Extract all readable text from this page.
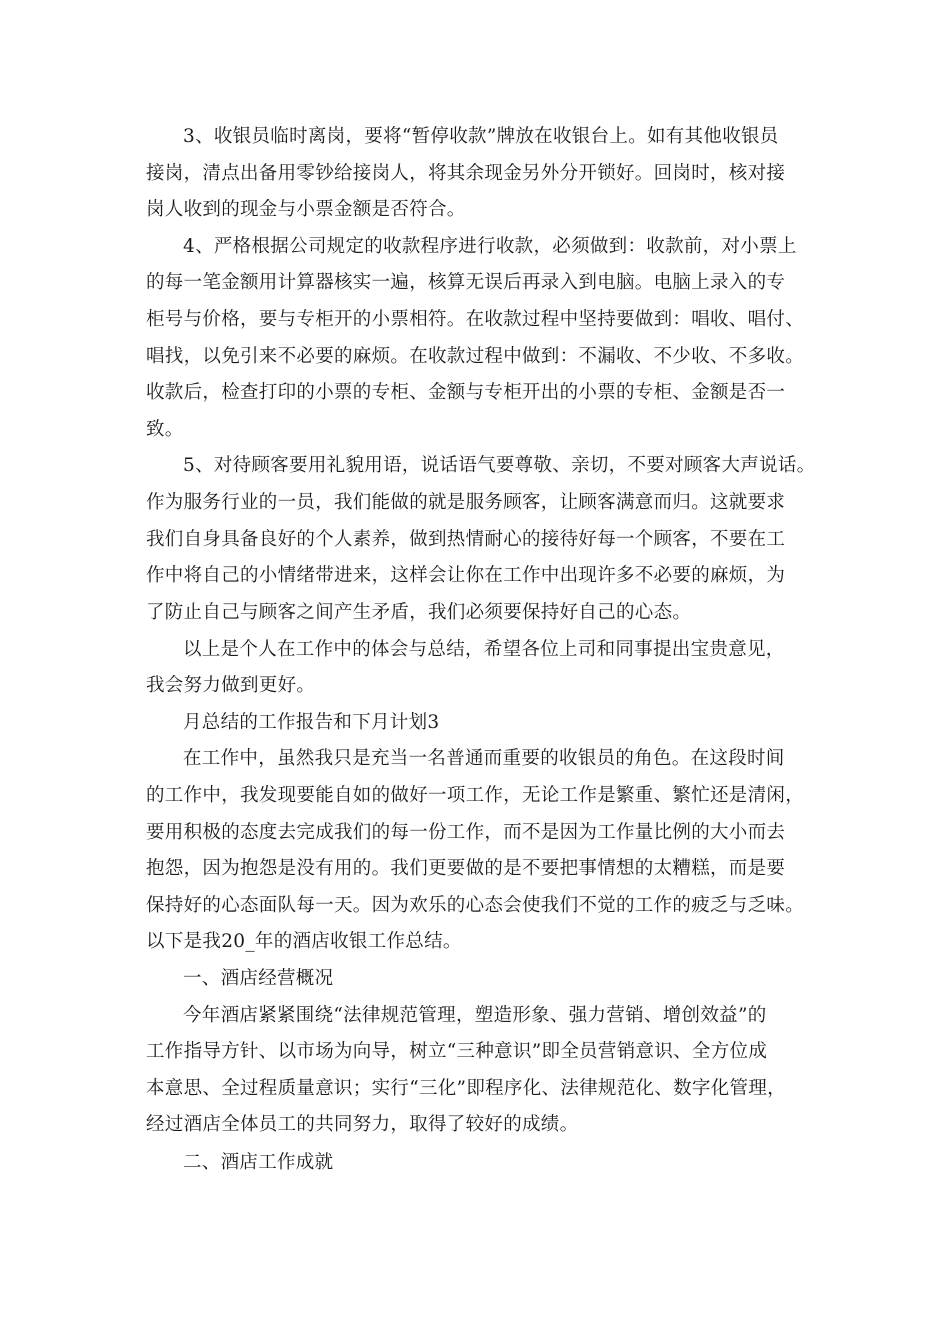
3、收银员临时离岗，要将“暂停收款”牌放在收银台上。如有其他收银员
接岗，清点出备用零钞给接岗人，将其余现金另外分开锁好。回岗时，核对接
岗人收到的现金与小票金额是否符合。
4、严格根据公司规定的收款程序进行收款，必须做到：收款前，对小票上
的每一笔金额用计算器核实一遍，核算无误后再录入到电脑。电脑上录入的专
柜号与价格，要与专柜开的小票相符。在收款过程中坚持要做到：唱收、唱付、
唱找，以免引来不必要的麻烦。在收款过程中做到：不漏收、不少收、不多收。
收款后，检查打印的小票的专柜、金额与专柜开出的小票的专柜、金额是否一
致。
5、对待顾客要用礼貌用语，说话语气要尊敬、亲切，不要对顾客大声说话。
作为服务行业的一员，我们能做的就是服务顾客，让顾客满意而归。这就要求
我们自身具备良好的个人素养，做到热情耐心的接待好每一个顾客，不要在工
作中将自己的小情绪带进来，这样会让你在工作中出现许多不必要的麻烦，为
了防止自己与顾客之间产生矛盾，我们必须要保持好自己的心态。
以上是个人在工作中的体会与总结，希望各位上司和同事提出宝贵意见，
我会努力做到更好。
月总结的工作报告和下月计划3
在工作中，虽然我只是充当一名普通而重要的收银员的角色。在这段时间
的工作中，我发现要能自如的做好一项工作，无论工作是繁重、繁忙还是清闲，
要用积极的态度去完成我们的每一份工作，而不是因为工作量比例的大小而去
抱怨，因为抱怨是没有用的。我们更要做的是不要把事情想的太糟糕，而是要
保持好的心态面队每一天。因为欢乐的心态会使我们不觉的工作的疲乏与乏味。
以下是我20_年的酒店收银工作总结。
一、酒店经营概况
今年酒店紧紧围绕“法律规范管理，塑造形象、强力营销、增创效益”的
工作指导方针、以市场为向导，树立“三种意识”即全员营销意识、全方位成
本意思、全过程质量意识；实行“三化”即程序化、法律规范化、数字化管理，
经过酒店全体员工的共同努力，取得了较好的成绩。
二、酒店工作成就
